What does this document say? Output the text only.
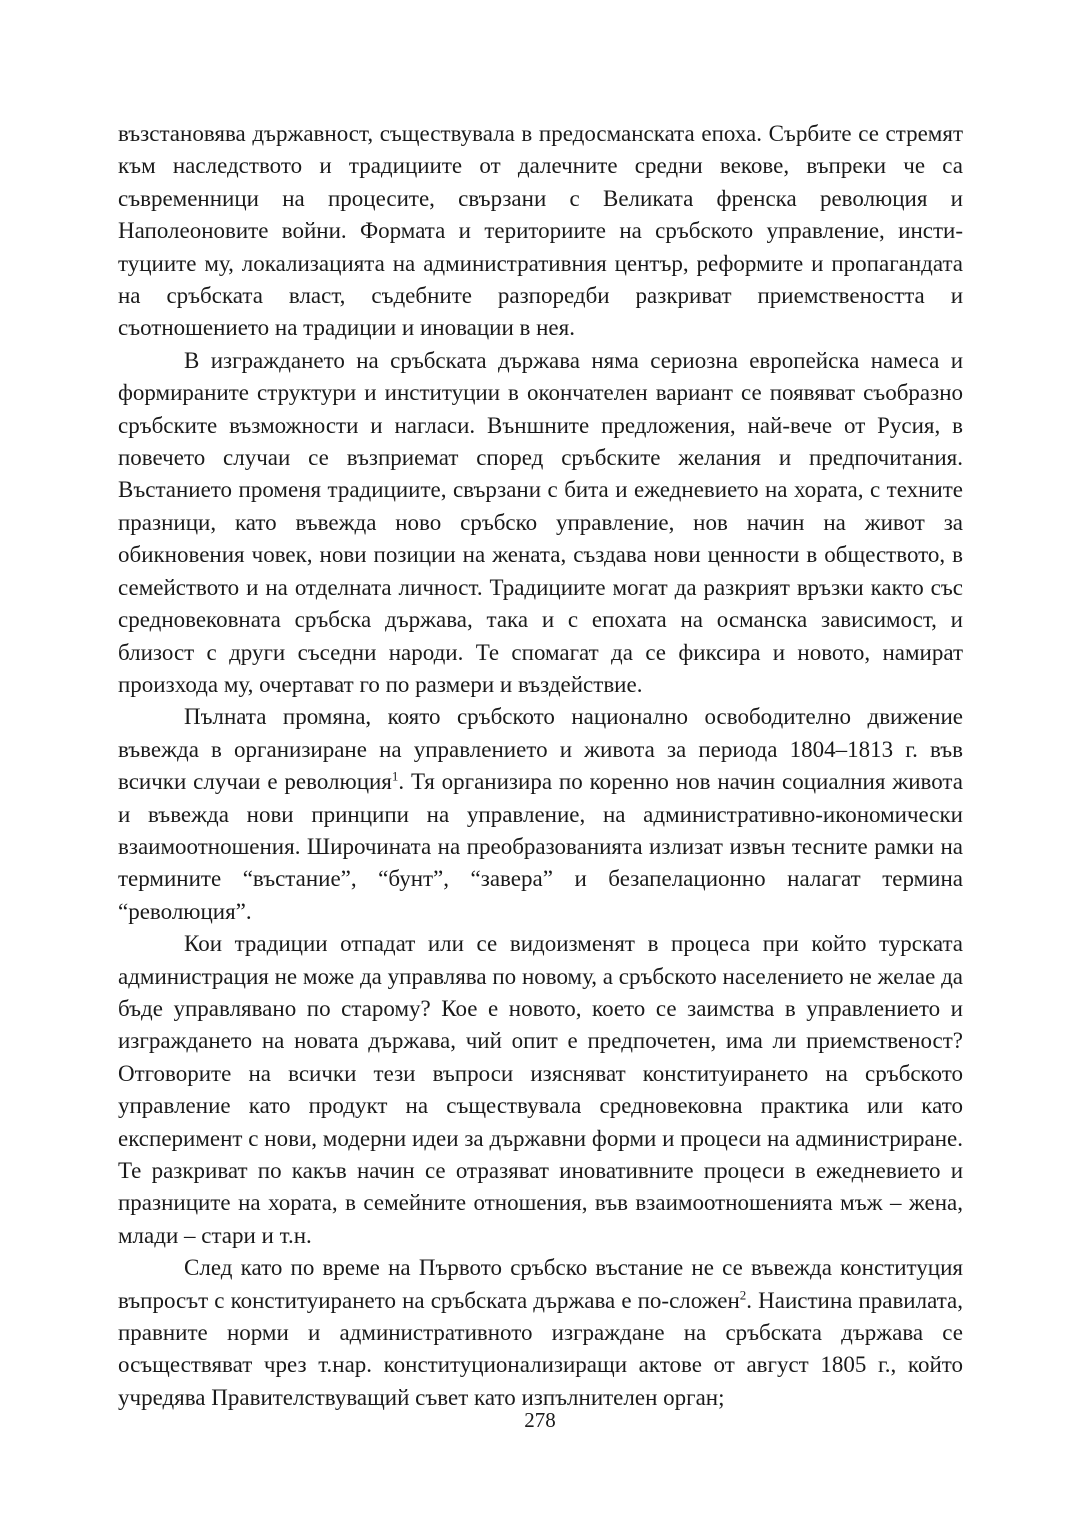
възстановява държавност, съществувала в предосманската епоха. Сърбите се стремят към наследството и традициите от далечните средни векове, въпреки че са съвременници на процесите, свързани с Великата френска революция и Наполеоновите войни. Формата и териториите на сръбското управление, институциите му, локализацията на административния център, реформите и пропагандата на сръбската власт, съдебните разпоредби разкриват приемствеността и съотношението на традиции и иновации в нея.

В изграждането на сръбската държава няма сериозна европейска намеса и формираните структури и институции в окончателен вариант се появяват съобразно сръбските възможности и нагласи. Външните предложения, най-вече от Русия, в повечето случаи се възприемат според сръбските желания и предпочитания. Въстанието променя традициите, свързани с бита и ежедневието на хората, с техните празници, като въвежда ново сръбско управление, нов начин на живот за обикновения човек, нови позиции на жената, създава нови ценности в обществото, в семейството и на отделната личност. Традициите могат да разкрият връзки както със средновековната сръбска държава, така и с епохата на османска зависимост, и близост с други съседни народи. Те спомагат да се фиксира и новото, намират произхода му, очертават го по размери и въздействие.

Пълната промяна, която сръбското национално освободително движение въвежда в организиране на управлението и живота за периода 1804–1813 г. във всички случаи е революция$^1$. Тя организира по коренно нов начин социалния живота и въвежда нови принципи на управление, на административно-икономически взаимоотношения. Широчината на преобразованията излизат извън тесните рамки на термините “въстание”, “бунт”, “завера” и безапелационно налагат термина “революция”.

Кои традиции отпадат или се видоизменят в процеса при който турската администрация не може да управлява по новому, а сръбското населението не желае да бъде управлявано по старому? Кое е новото, което се заимства в управлението и изграждането на новата държава, чий опит е предпочетен, има ли приемственост? Отговорите на всички тези въпроси изясняват конституирането на сръбското управление като продукт на съществувала средновековна практика или като експеримент с нови, модерни идеи за държавни форми и процеси на администриране. Те разкриват по какъв начин се отразяват иновативните процеси в ежедневието и празниците на хората, в семейните отношения, във взаимоотношенията мъж – жена, млади – стари и т.н.

След като по време на Първото сръбско въстание не се въвежда конституция въпросът с конституирането на сръбската държава е по-сложен$^2$. Наистина правилата, правните норми и административното изграждане на сръбската държава се осъществяват чрез т.нар. конституционализиращи актове от август 1805 г., който учредява Правителствуващий съвет като изпълнителен орган;

278
